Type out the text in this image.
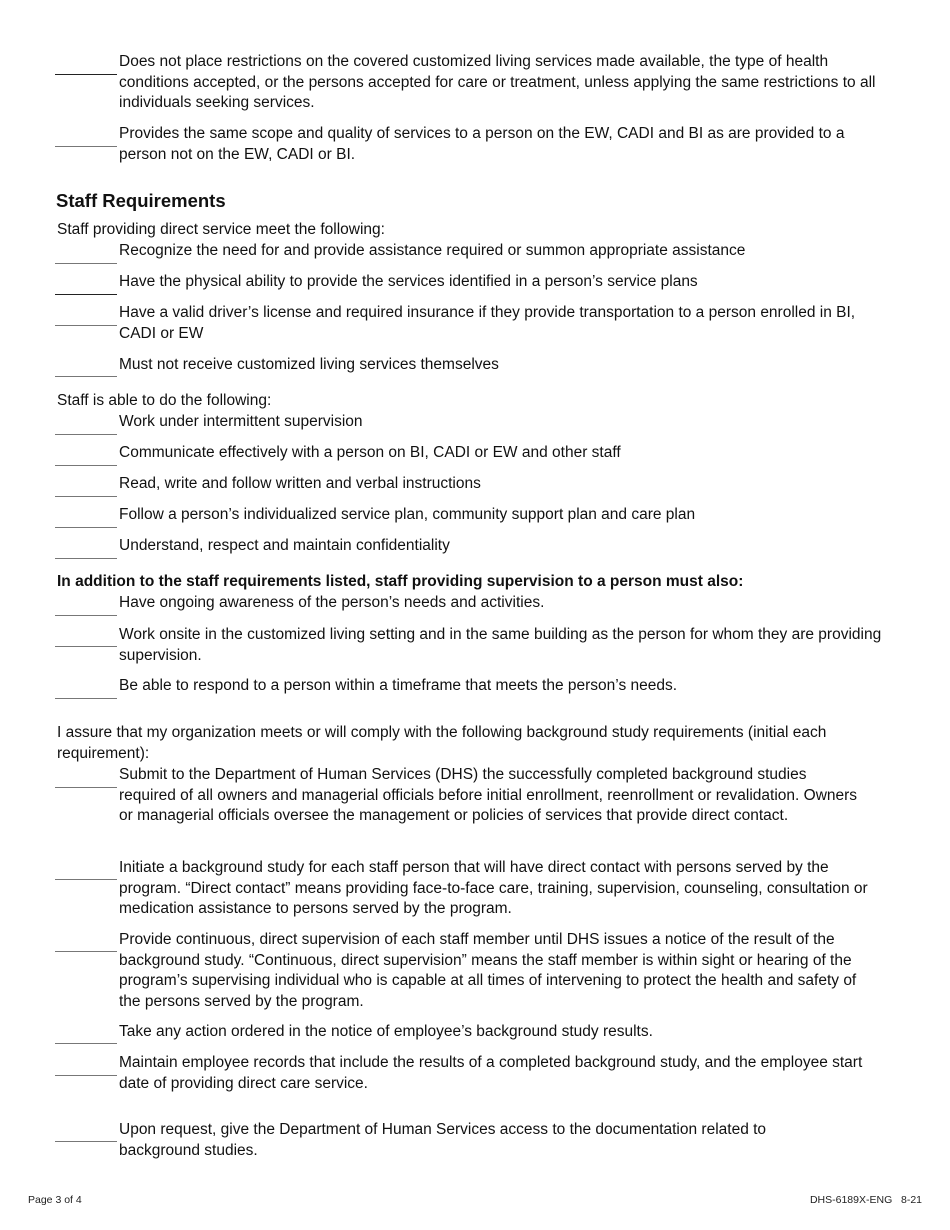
Does not place restrictions on the covered customized living services made available, the type of health conditions accepted, or the persons accepted for care or treatment, unless applying the same restrictions to all individuals seeking services.
Provides the same scope and quality of services to a person on the EW, CADI and BI as are provided to a person not on the EW, CADI or BI.
Staff Requirements
Staff providing direct service meet the following:
Recognize the need for and provide assistance required or summon appropriate assistance
Have the physical ability to provide the services identified in a person’s service plans
Have a valid driver’s license and required insurance if they provide transportation to a person enrolled in BI, CADI or EW
Must not receive customized living services themselves
Staff is able to do the following:
Work under intermittent supervision
Communicate effectively with a person on BI, CADI or EW and other staff
Read, write and follow written and verbal instructions
Follow a person’s individualized service plan, community support plan and care plan
Understand, respect and maintain confidentiality
In addition to the staff requirements listed, staff providing supervision to a person must also:
Have ongoing awareness of the person’s needs and activities.
Work onsite in the customized living setting and in the same building as the person for whom they are providing supervision.
Be able to respond to a person within a timeframe that meets the person’s needs.
I assure that my organization meets or will comply with the following background study requirements (initial each requirement):
Submit to the Department of Human Services (DHS) the successfully completed background studies required of all owners and managerial officials before initial enrollment, reenrollment or revalidation. Owners or managerial officials oversee the management or policies of services that provide direct contact.
Initiate a background study for each staff person that will have direct contact with persons served by the program. “Direct contact” means providing face-to-face care, training, supervision, counseling, consultation or medication assistance to persons served by the program.
Provide continuous, direct supervision of each staff member until DHS issues a notice of the result of the background study. “Continuous, direct supervision” means the staff member is within sight or hearing of the program’s supervising individual who is capable at all times of intervening to protect the health and safety of the persons served by the program.
Take any action ordered in the notice of employee’s background study results.
Maintain employee records that include the results of a completed background study, and the employee start date of providing direct care service.
Upon request, give the Department of Human Services access to the documentation related to background studies.
Page 3 of 4	DHS-6189X-ENG   8-21
